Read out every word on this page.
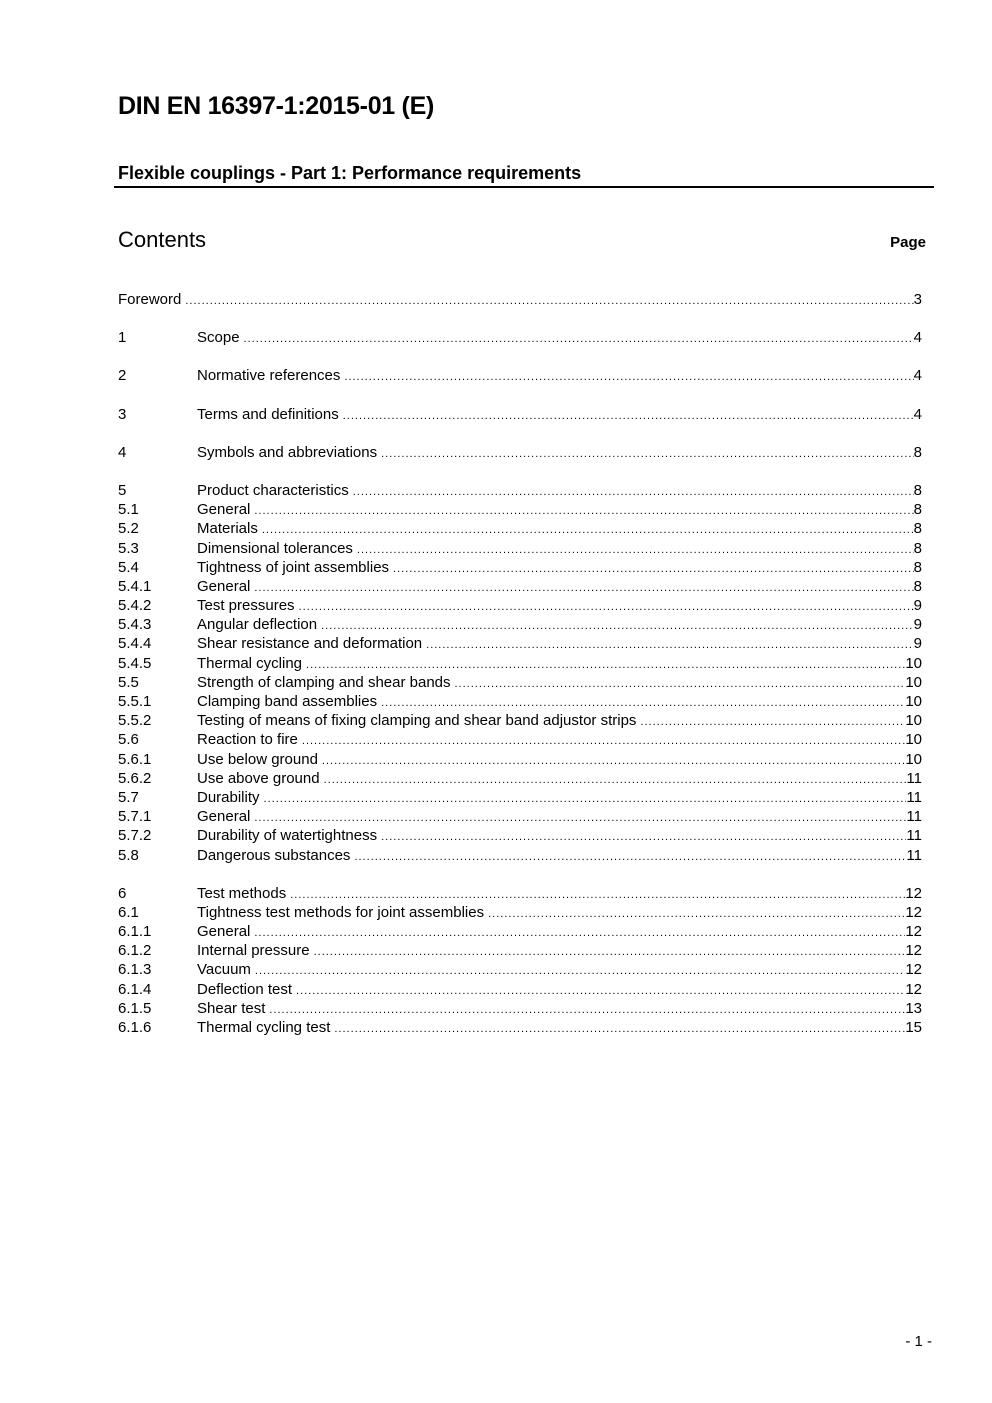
DIN EN 16397-1:2015-01 (E)
Flexible couplings - Part 1: Performance requirements
Contents	Page
Foreword .....	3
1	Scope .....	4
2	Normative references .....	4
3	Terms and definitions .....	4
4	Symbols and abbreviations .....	8
5	Product characteristics .....	8
5.1	General .....	8
5.2	Materials .....	8
5.3	Dimensional tolerances .....	8
5.4	Tightness of joint assemblies .....	8
5.4.1	General .....	8
5.4.2	Test pressures .....	9
5.4.3	Angular deflection .....	9
5.4.4	Shear resistance and deformation .....	9
5.4.5	Thermal cycling .....	10
5.5	Strength of clamping and shear bands .....	10
5.5.1	Clamping band assemblies .....	10
5.5.2	Testing of means of fixing clamping and shear band adjustor strips .....	10
5.6	Reaction to fire .....	10
5.6.1	Use below ground .....	10
5.6.2	Use above ground .....	11
5.7	Durability .....	11
5.7.1	General .....	11
5.7.2	Durability of watertightness .....	11
5.8	Dangerous substances .....	11
6	Test methods .....	12
6.1	Tightness test methods for joint assemblies .....	12
6.1.1	General .....	12
6.1.2	Internal pressure .....	12
6.1.3	Vacuum .....	12
6.1.4	Deflection test .....	12
6.1.5	Shear test .....	13
6.1.6	Thermal cycling test .....	15
- 1 -
